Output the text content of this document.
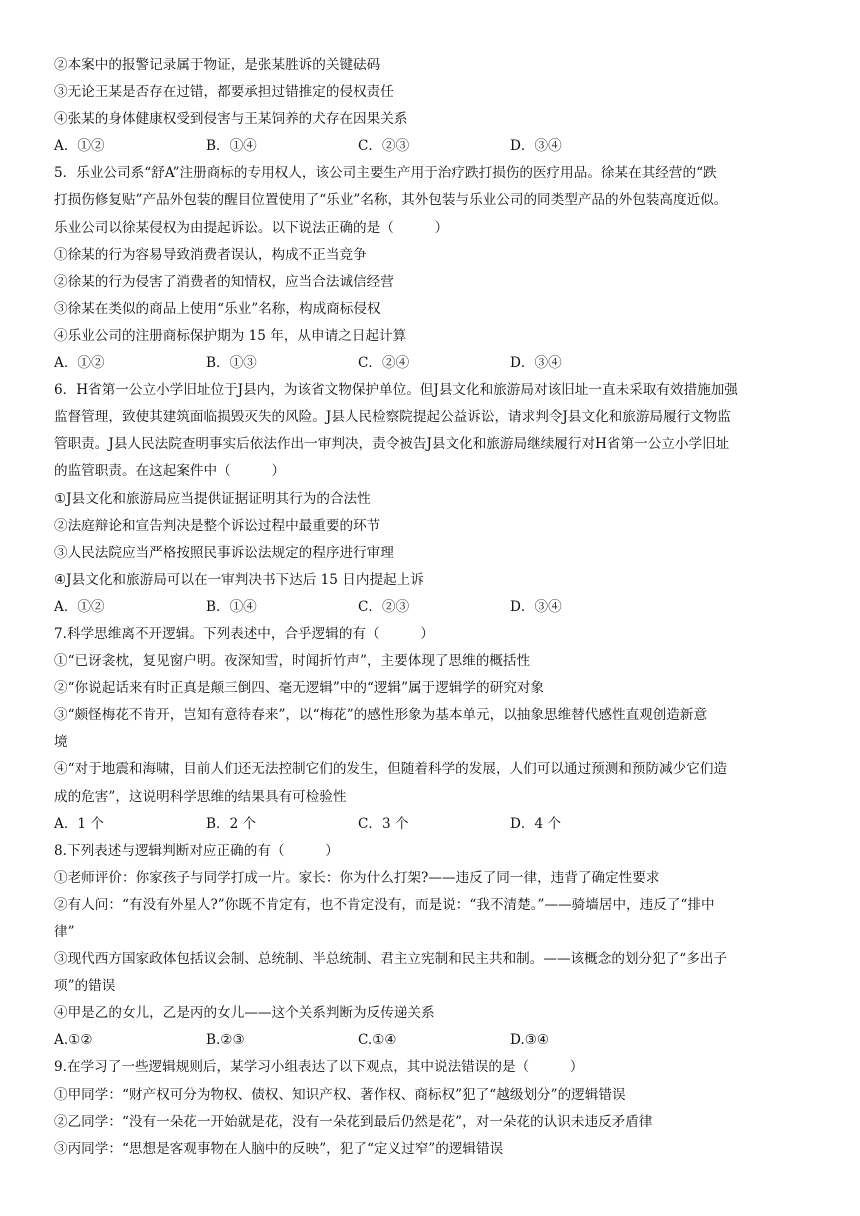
②本案中的报警记录属于物证，是张某胜诉的关键砝码
③无论王某是否存在过错，都要承担过错推定的侵权责任
④张某的身体健康权受到侵害与王某饲养的犬存在因果关系
A．①②	B．①④	C．②③	D．③④
5．乐业公司系“舒A”注册商标的专用权人，该公司主要生产用于治疗跌打损伤的医疗用品。徐某在其经营的“跌
打损伤修复贴”产品外包装的醒目位置使用了“乐业”名称，其外包装与乐业公司的同类型产品的外包装高度近似。
乐业公司以徐某侵权为由提起诉讼。以下说法正确的是（　　　）
①徐某的行为容易导致消费者误认，构成不正当竞争
②徐某的行为侵害了消费者的知情权，应当合法诚信经营
③徐某在类似的商品上使用“乐业”名称，构成商标侵权
④乐业公司的注册商标保护期为 15 年，从申请之日起计算
A．①②	B．①③	C．②④	D．③④
6．H省第一公立小学旧址位于J县内，为该省文物保护单位。但J县文化和旅游局对该旧址一直未采取有效措施加强
监督管理，致使其建筑面临损毁灭失的风险。J县人民检察院提起公益诉讼，请求判令J县文化和旅游局履行文物监
管职责。J县人民法院查明事实后依法作出一审判决，责令被告J县文化和旅游局继续履行对H省第一公立小学旧址
的监管职责。在这起案件中（　　　）
①J县文化和旅游局应当提供证据证明其行为的合法性
②法庭辩论和宣告判决是整个诉讼过程中最重要的环节
③人民法院应当严格按照民事诉讼法规定的程序进行审理
④J县文化和旅游局可以在一审判决书下达后 15 日内提起上诉
A．①②	B．①④	C．②③	D．③④
7.科学思维离不开逻辑。下列表述中，合乎逻辑的有（　　　）
①“已讶衾枕，复见窗户明。夜深知雪，时闻折竹声”，主要体现了思维的概括性
②“你说起话来有时正真是颠三倒四、毫无逻辑”中的“逻辑”属于逻辑学的研究对象
③“颇怪梅花不肯开，岂知有意待春来”，以“梅花”的感性形象为基本单元，以抽象思维替代感性直观创造新意
境
④“对于地震和海啸，目前人们还无法控制它们的发生，但随着科学的发展，人们可以通过预测和预防减少它们造
成的危害”，这说明科学思维的结果具有可检验性
A．1 个	B．2 个	C．3 个	D．4 个
8.下列表述与逻辑判断对应正确的有（　　　）
①老师评价：你家孩子与同学打成一片。家长：你为什么打架?——违反了同一律，违背了确定性要求
②有人问：“有没有外星人?”你既不肯定有，也不肯定没有，而是说：“我不清楚。”——骑墙居中，违反了“排中
律”
③现代西方国家政体包括议会制、总统制、半总统制、君主立宪制和民主共和制。——该概念的划分犯了“多出子
项”的错误
④甲是乙的女儿，乙是丙的女儿——这个关系判断为反传递关系
A.①②	B.②③	C.①④	D.③④
9.在学习了一些逻辑规则后，某学习小组表达了以下观点，其中说法错误的是（　　　）
①甲同学：“财产权可分为物权、债权、知识产权、著作权、商标权”犯了“越级划分”的逻辑错误
②乙同学：“没有一朵花一开始就是花，没有一朵花到最后仍然是花”，对一朵花的认识未违反矛盾律
③丙同学：“思想是客观事物在人脑中的反映”，犯了“定义过窄”的逻辑错误
